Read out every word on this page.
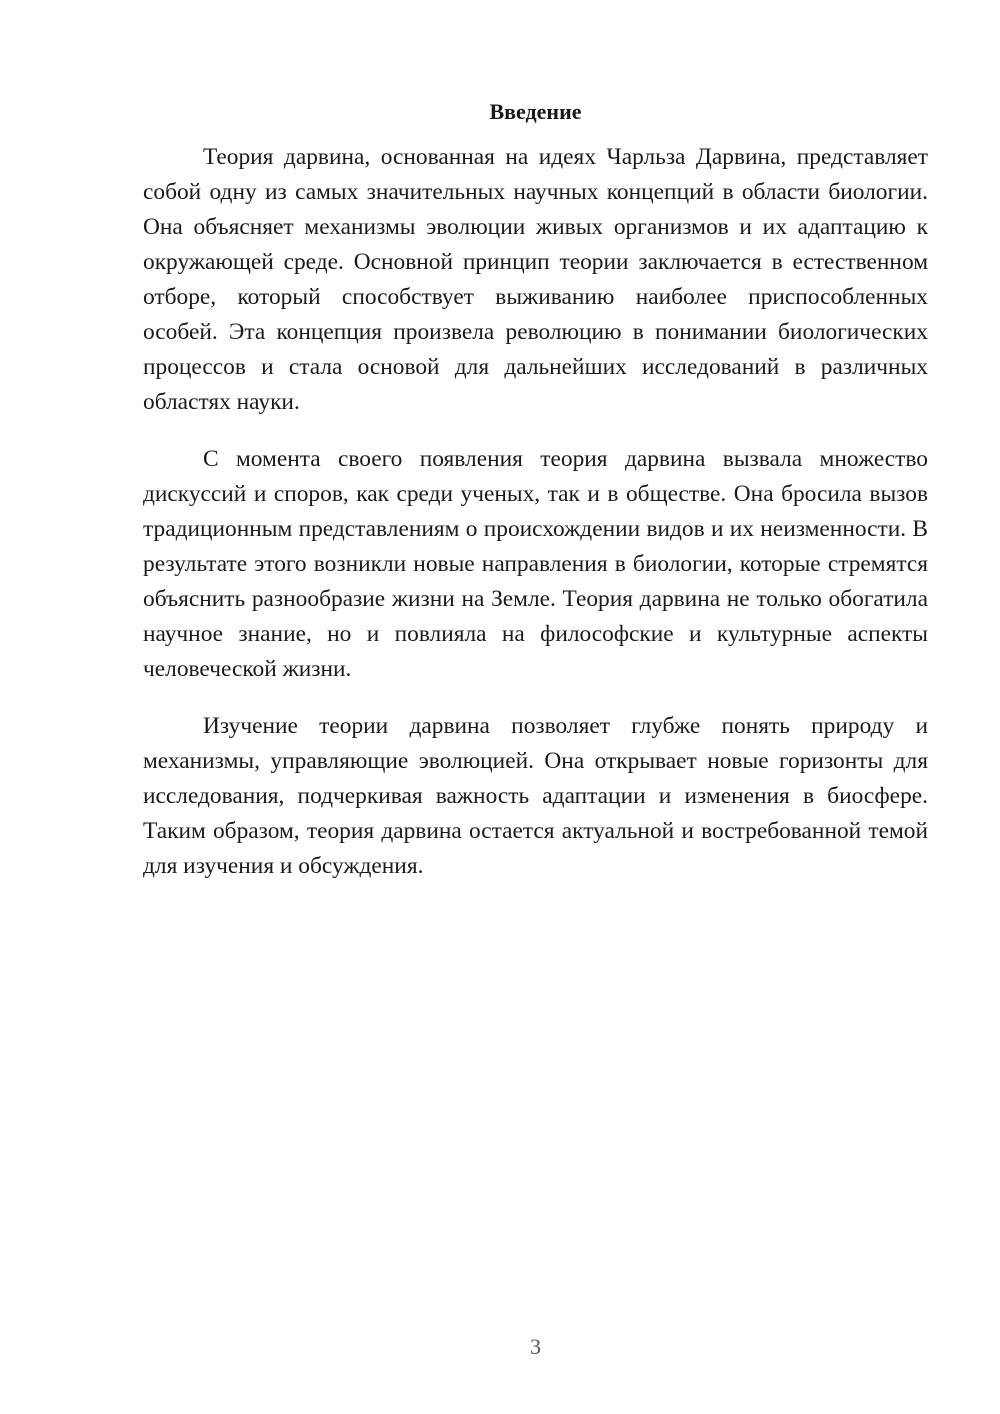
Введение

Теория дарвина, основанная на идеях Чарльза Дарвина, представляет собой одну из самых значительных научных концепций в области биологии. Она объясняет механизмы эволюции живых организмов и их адаптацию к окружающей среде. Основной принцип теории заключается в естественном отборе, который способствует выживанию наиболее приспособленных особей. Эта концепция произвела революцию в понимании биологических процессов и стала основой для дальнейших исследований в различных областях науки.

С момента своего появления теория дарвина вызвала множество дискуссий и споров, как среди ученых, так и в обществе. Она бросила вызов традиционным представлениям о происхождении видов и их неизменности. В результате этого возникли новые направления в биологии, которые стремятся объяснить разнообразие жизни на Земле. Теория дарвина не только обогатила научное знание, но и повлияла на философские и культурные аспекты человеческой жизни.

Изучение теории дарвина позволяет глубже понять природу и механизмы, управляющие эволюцией. Она открывает новые горизонты для исследования, подчеркивая важность адаптации и изменения в биосфере. Таким образом, теория дарвина остается актуальной и востребованной темой для изучения и обсуждения.

3
